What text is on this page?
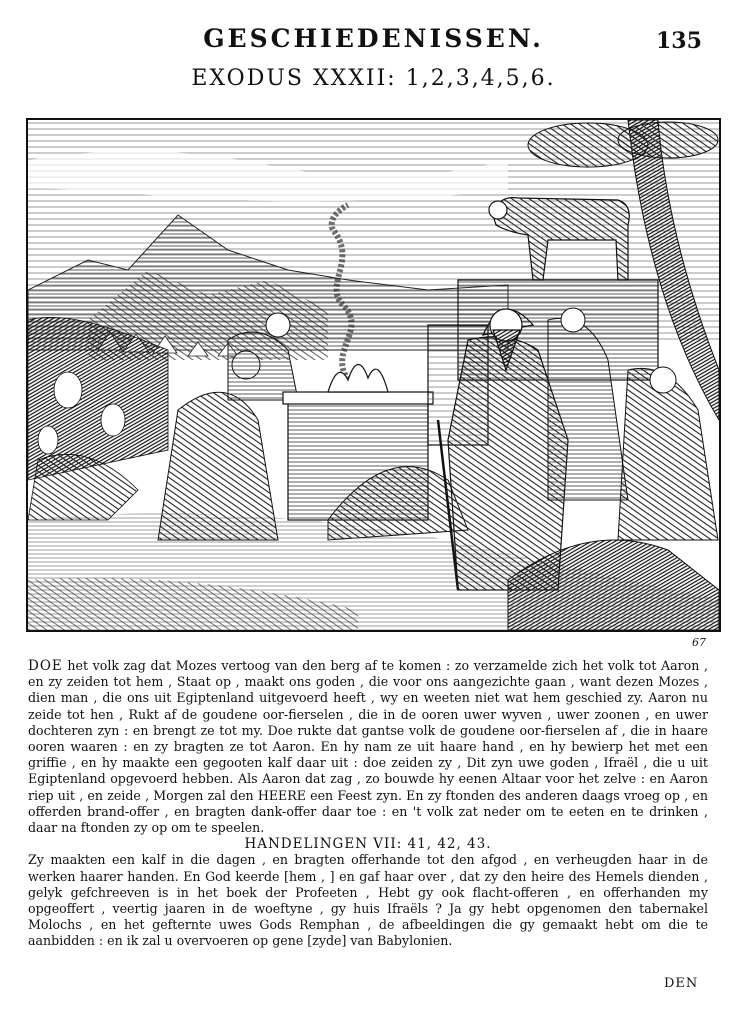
GESCHIEDENISSEN.	135
EXODUS XXXII: 1,2,3,4,5,6.
67

DOE het volk zag dat Mozes vertoog van den berg af te komen : zo verzamelde zich het volk tot Aaron , en zy zeiden tot hem , Staat op , maakt ons goden , die voor ons aangezichte gaan , want dezen Mozes , dien man , die ons uit Egiptenland uitgevoerd heeft , wy en weeten niet wat hem geschied zy. Aaron nu zeide tot hen , Rukt af de goudene oor-fierselen , die in de ooren uwer wyven , uwer zoonen , en uwer dochteren zyn : en brengt ze tot my. Doe rukte dat gantse volk de goudene oor-fierselen af , die in haare ooren waaren : en zy bragten ze tot Aaron. En hy nam ze uit haare hand , en hy bewierp het met een griffie , en hy maakte een gegooten kalf daar uit : doe zeiden zy , Dit zyn uwe goden , Ifraël , die u uit Egiptenland opgevoerd hebben. Als Aaron dat zag , zo bouwde hy eenen Altaar voor het zelve : en Aaron riep uit , en zeide , Morgen zal den HEERE een Feest zyn. En zy ftonden des anderen daags vroeg op , en offerden brand-offer , en bragten dank-offer daar toe : en 't volk zat neder om te eeten en te drinken , daar na ftonden zy op om te speelen.

HANDELINGEN VII: 41, 42, 43.

Zy maakten een kalf in die dagen , en bragten offerhande tot den afgod , en verheugden haar in de werken haarer handen. En God keerde [hem , ] en gaf haar over , dat zy den heire des Hemels dienden , gelyk gefchreeven is in het boek der Profeeten , Hebt gy ook flacht-offeren , en offerhanden my opgeoffert , veertig jaaren in de woeftyne , gy huis Ifraëls ? Ja gy hebt opgenomen den tabernakel Molochs , en het gefternte uwes Gods Remphan , de afbeeldingen die gy gemaakt hebt om die te aanbidden : en ik zal u overvoeren op gene [zyde] van Babylonien.

DEN
